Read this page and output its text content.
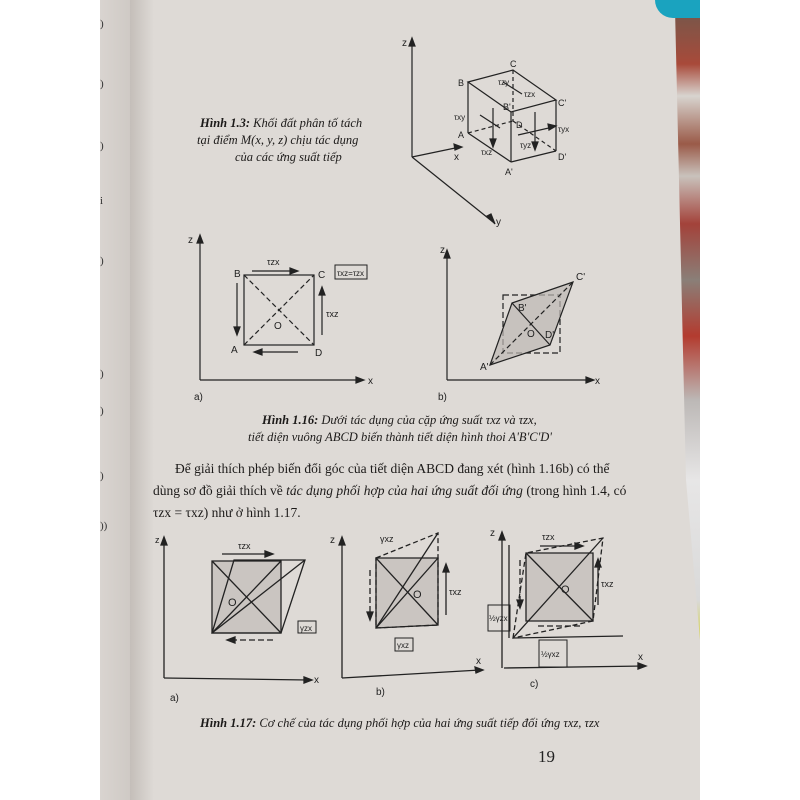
)
)
)
i
)
)
)
)
))
z
x
y
B
C
A
A'
B'	C'
D
D'
τzy
τzx
τxy
τxz
τyx
τyz
Hình 1.3: Khối đất phân tố tách
tại điểm M(x, y, z) chịu tác dụng
của các ứng suất tiếp
z
x
B	C
A	D
O
τzx
τxz
τxz=τzx
a)
z
x
A'
B'
C'
D'
O
b)
Hình 1.16: Dưới tác dụng của cặp ứng suất τxz và τzx,
tiết diện vuông ABCD biến thành tiết diện hình thoi A'B'C'D'
Để giải thích phép biến đổi góc của tiết diện ABCD đang xét (hình 1.16b) có thể
dùng sơ đồ giải thích về tác dụng phối hợp của hai ứng suất đối ứng (trong hình 1.4, có
τzx = τxz) như ở hình 1.17.
z
x
τzx
O
γzx
a)
z
x
γxz
τxz
O
γxz
b)
z
x
τzx
τxz
O
½γzx
½γxz
c)
Hình 1.17: Cơ chế của tác dụng phối hợp của hai ứng suất tiếp đối ứng τxz, τzx
19
